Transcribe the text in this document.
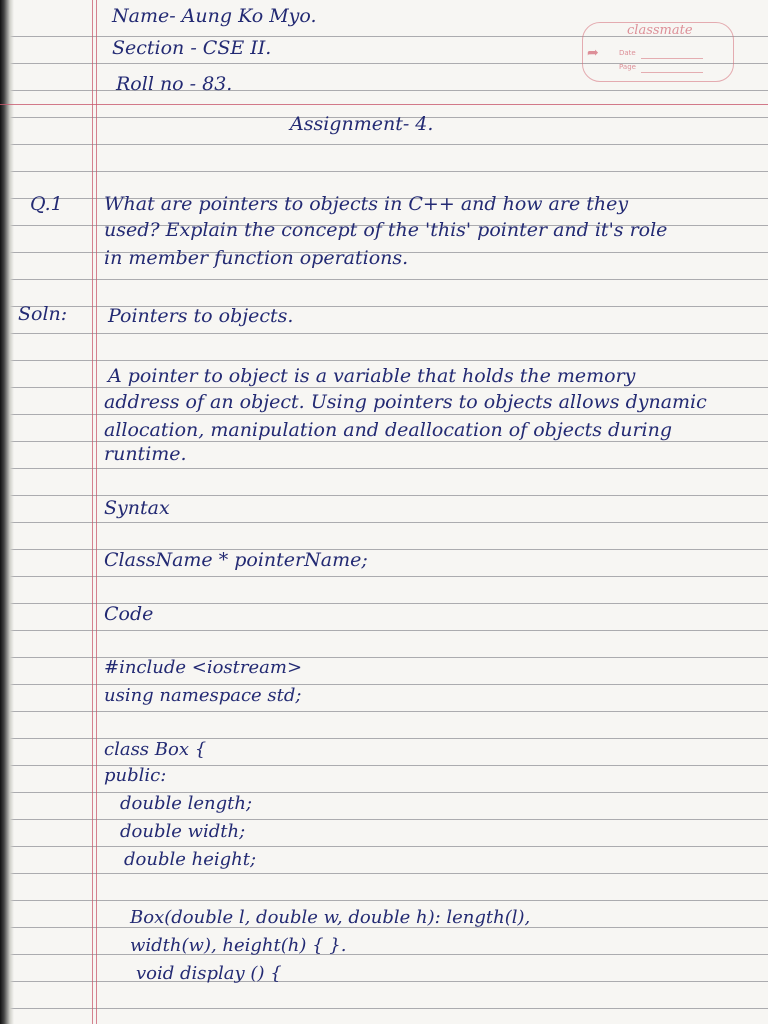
classmate
➦	Date
Page
Name- Aung Ko Myo.
Section - CSE II.
Roll no - 83.
Assignment- 4.
Q.1 What are pointers to objects in C++ and how are they
used? Explain the concept of the 'this' pointer and it's role
in member function operations.
Soln: Pointers to objects.
A pointer to object is a variable that holds the memory
address of an object. Using pointers to objects allows dynamic
allocation, manipulation and deallocation of objects during
runtime.
Syntax
ClassName * pointerName;
Code
#include <iostream>
using namespace std;
class Box {
public:
double length;
double width;
double height;
Box(double l, double w, double h): length(l),
width(w), height(h) { }.
void display () {
